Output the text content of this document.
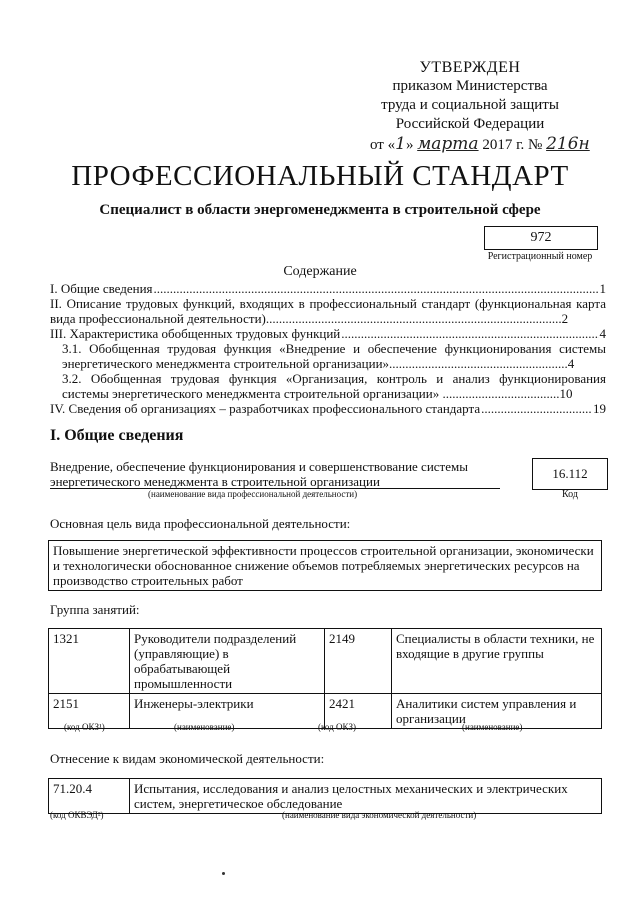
УТВЕРЖДЕН
приказом Министерства
труда и социальной защиты
Российской Федерации
от «1» марта 2017 г. № 216н
ПРОФЕССИОНАЛЬНЫЙ СТАНДАРТ
Специалист в области энергоменеджмента в строительной сфере
972
Регистрационный номер
Содержание
I. Общие сведения .....	1
II. Описание трудовых функций, входящих в профессиональный стандарт (функциональная карта вида профессиональной деятельности)...........................................................................................2
III. Характеристика обобщенных трудовых функций .....	4
3.1. Обобщенная трудовая функция «Внедрение и обеспечение функционирования системы энергетического менеджмента строительной организации».......................................................4
3.2. Обобщенная трудовая функция «Организация, контроль и анализ функционирования системы энергетического менеджмента строительной организации» ....................................10
IV. Сведения об организациях – разработчиках профессионального стандарта .....	19
I. Общие сведения
Внедрение, обеспечение функционирования и совершенствование системы энергетического менеджмента в строительной организации
(наименование вида профессиональной деятельности)
16.112
Код
Основная цель вида профессиональной деятельности:
Повышение энергетической эффективности процессов строительной организации, экономически и технологически обоснованное снижение объемов потребляемых энергетических ресурсов на производство строительных работ
Группа занятий:
1321	Руководители подразделений (управляющие) в обрабатывающей промышленности	2149	Специалисты в области техники, не входящие в другие группы
2151	Инженеры-электрики	2421	Аналитики систем управления и организации
(код ОКЗ¹)	(наименование)	(код ОКЗ)	(наименование)
Отнесение к видам экономической деятельности:
71.20.4	Испытания, исследования и анализ целостных механических и электрических систем, энергетическое обследование
(код ОКВЭД²)	(наименование вида экономической деятельности)
